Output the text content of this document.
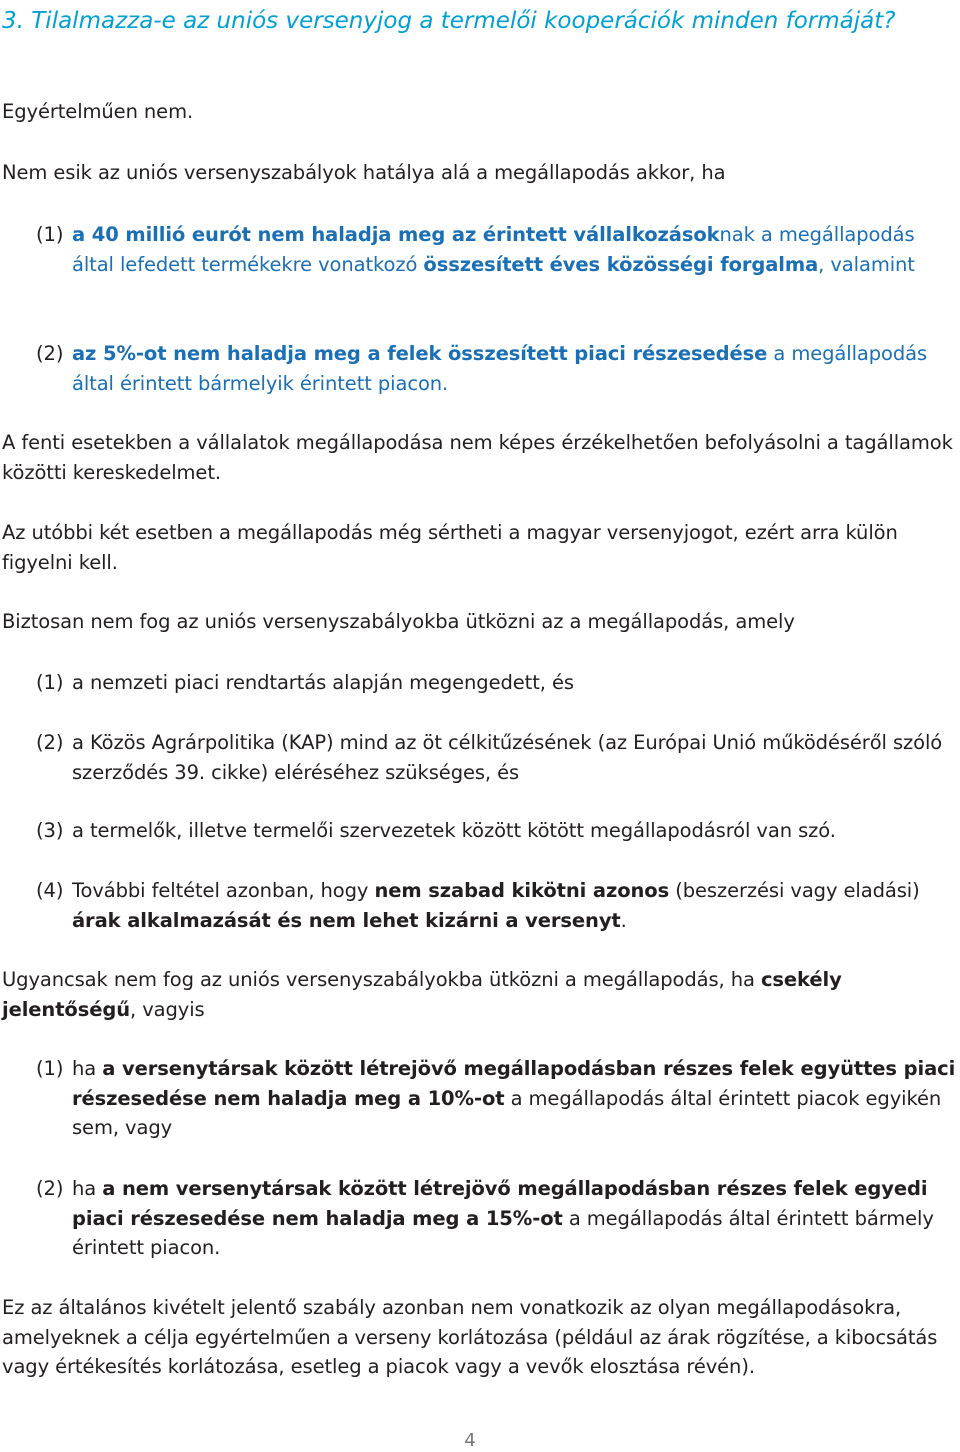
3. Tilalmazza-e az uniós versenyjog a termelői kooperációk minden formáját?

Egyértelműen nem.

Nem esik az uniós versenyszabályok hatálya alá a megállapodás akkor, ha

(1) a 40 millió eurót nem haladja meg az érintett vállalkozásoknak a megállapodás által lefedett termékekre vonatkozó összesített éves közösségi forgalma, valamint
(2) az 5%-ot nem haladja meg a felek összesített piaci részesedése a megállapodás által érintett bármelyik érintett piacon.

A fenti esetekben a vállalatok megállapodása nem képes érzékelhetően befolyásolni a tagállamok közötti kereskedelmet.

Az utóbbi két esetben a megállapodás még sértheti a magyar versenyjogot, ezért arra külön figyelni kell.

Biztosan nem fog az uniós versenyszabályokba ütközni az a megállapodás, amely

(1) a nemzeti piaci rendtartás alapján megengedett, és
(2) a Közös Agrárpolitika (KAP) mind az öt célkitűzésének (az Európai Unió működéséről szóló szerződés 39. cikke) eléréséhez szükséges, és
(3) a termelők, illetve termelői szervezetek között kötött megállapodásról van szó.
(4) További feltétel azonban, hogy nem szabad kikötni azonos (beszerzési vagy eladási) árak alkalmazását és nem lehet kizárni a versenyt.

Ugyancsak nem fog az uniós versenyszabályokba ütközni a megállapodás, ha csekély jelentőségű, vagyis

(1) ha a versenytársak között létrejövő megállapodásban részes felek együttes piaci részesedése nem haladja meg a 10%-ot a megállapodás által érintett piacok egyikén sem, vagy
(2) ha a nem versenytársak között létrejövő megállapodásban részes felek egyedi piaci részesedése nem haladja meg a 15%-ot a megállapodás által érintett bármely érintett piacon.

Ez az általános kivételt jelentő szabály azonban nem vonatkozik az olyan megállapodásokra, amelyeknek a célja egyértelműen a verseny korlátozása (például az árak rögzítése, a kibocsátás vagy értékesítés korlátozása, esetleg a piacok vagy a vevők elosztása révén).

4
